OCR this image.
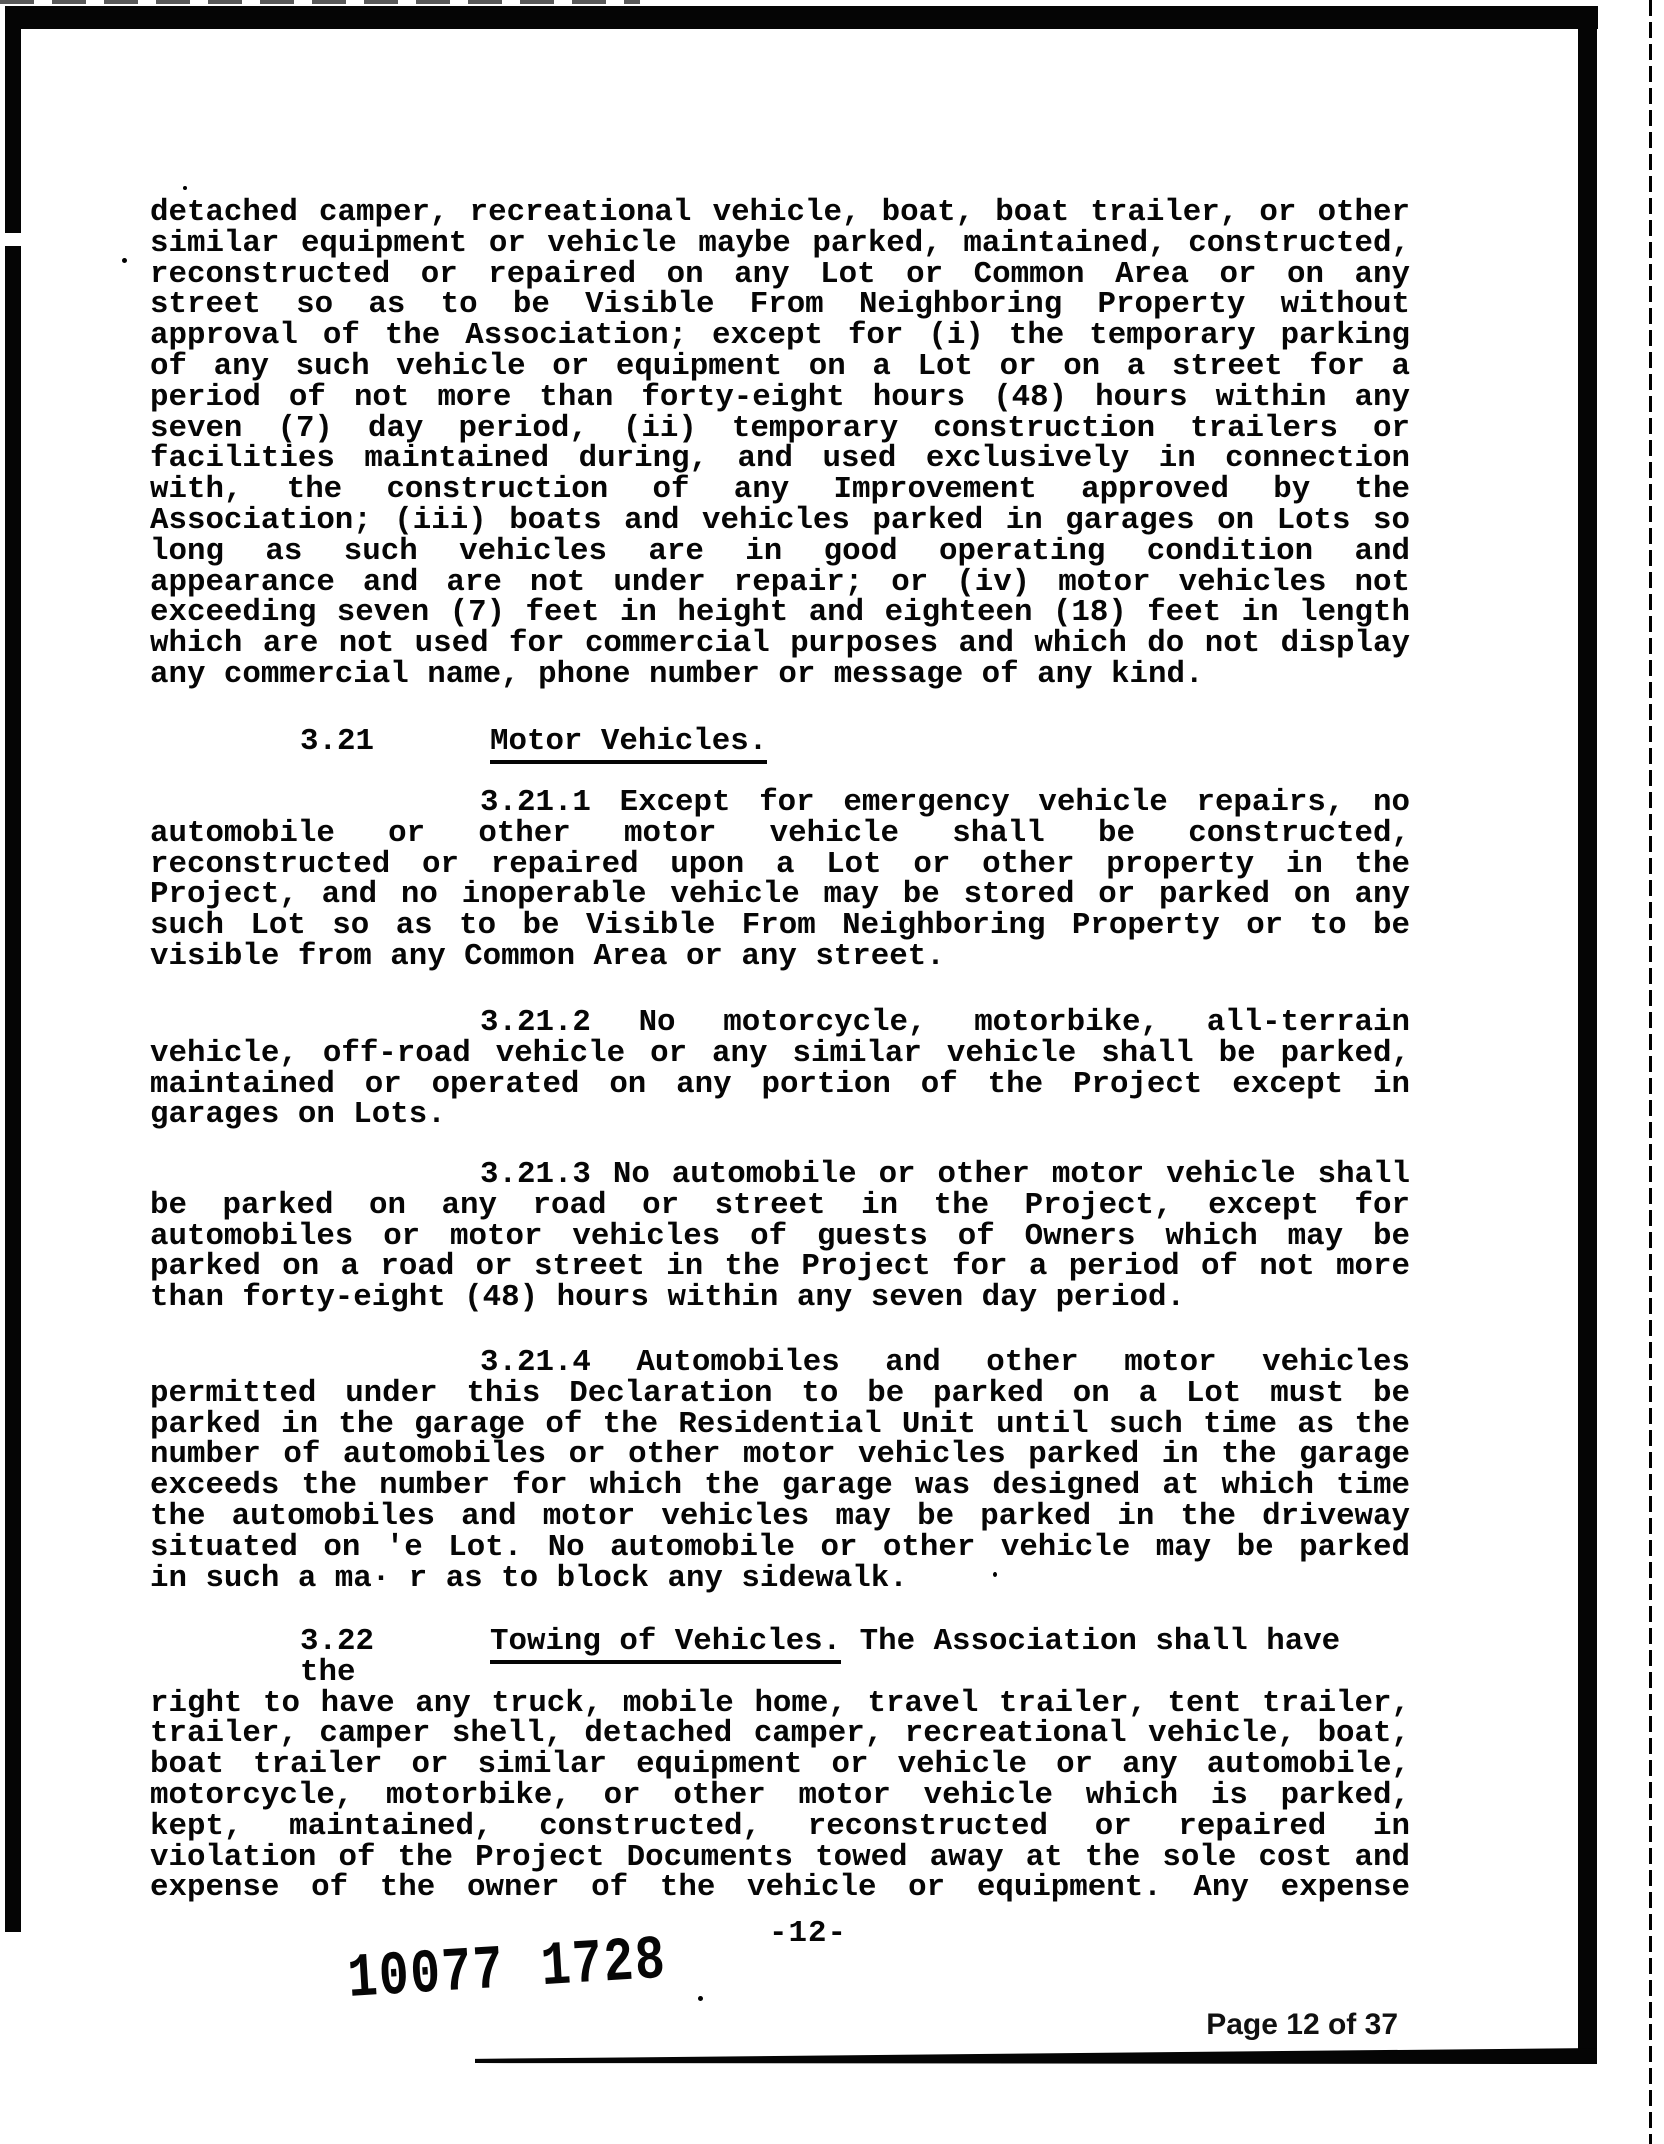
detached camper, recreational vehicle, boat, boat trailer, or other
similar equipment or vehicle maybe parked, maintained, constructed,
reconstructed or repaired on any Lot or Common Area or on any
street so as to be Visible From Neighboring Property without
approval of the Association; except for (i) the temporary parking
of any such vehicle or equipment on a Lot or on a street for a
period of not more than forty-eight hours (48) hours within any
seven (7) day period, (ii) temporary construction trailers or
facilities maintained during, and used exclusively in connection
with, the construction of any Improvement approved by the
Association; (iii) boats and vehicles parked in garages on Lots so
long as such vehicles are in good operating condition and
appearance and are not under repair; or (iv) motor vehicles not
exceeding seven (7) feet in height and eighteen (18) feet in length
which are not used for commercial purposes and which do not display
any commercial name, phone number or message of any kind.
3.21	Motor Vehicles.
3.21.1 Except for emergency vehicle repairs, no
automobile or other motor vehicle shall be constructed,
reconstructed or repaired upon a Lot or other property in the
Project, and no inoperable vehicle may be stored or parked on any
such Lot so as to be Visible From Neighboring Property or to be
visible from any Common Area or any street.
3.21.2 No motorcycle, motorbike, all-terrain
vehicle, off-road vehicle or any similar vehicle shall be parked,
maintained or operated on any portion of the Project except in
garages on Lots.
3.21.3 No automobile or other motor vehicle shall
be parked on any road or street in the Project, except for
automobiles or motor vehicles of guests of Owners which may be
parked on a road or street in the Project for a period of not more
than forty-eight (48) hours within any seven day period.
3.21.4 Automobiles and other motor vehicles
permitted under this Declaration to be parked on a Lot must be
parked in the garage of the Residential Unit until such time as the
number of automobiles or other motor vehicles parked in the garage
exceeds the number for which the garage was designed at which time
the automobiles and motor vehicles may be parked in the driveway
situated on 'e Lot. No automobile or other vehicle may be parked
in such a ma· r as to block any sidewalk.
3.22	Towing of Vehicles. The Association shall have the
right to have any truck, mobile home, travel trailer, tent trailer,
trailer, camper shell, detached camper, recreational vehicle, boat,
boat trailer or similar equipment or vehicle or any automobile,
motorcycle, motorbike, or other motor vehicle which is parked,
kept, maintained, constructed, reconstructed or repaired in
violation of the Project Documents towed away at the sole cost and
expense of the owner of the vehicle or equipment. Any expense
-12-
10077 1728
Page 12 of 37
